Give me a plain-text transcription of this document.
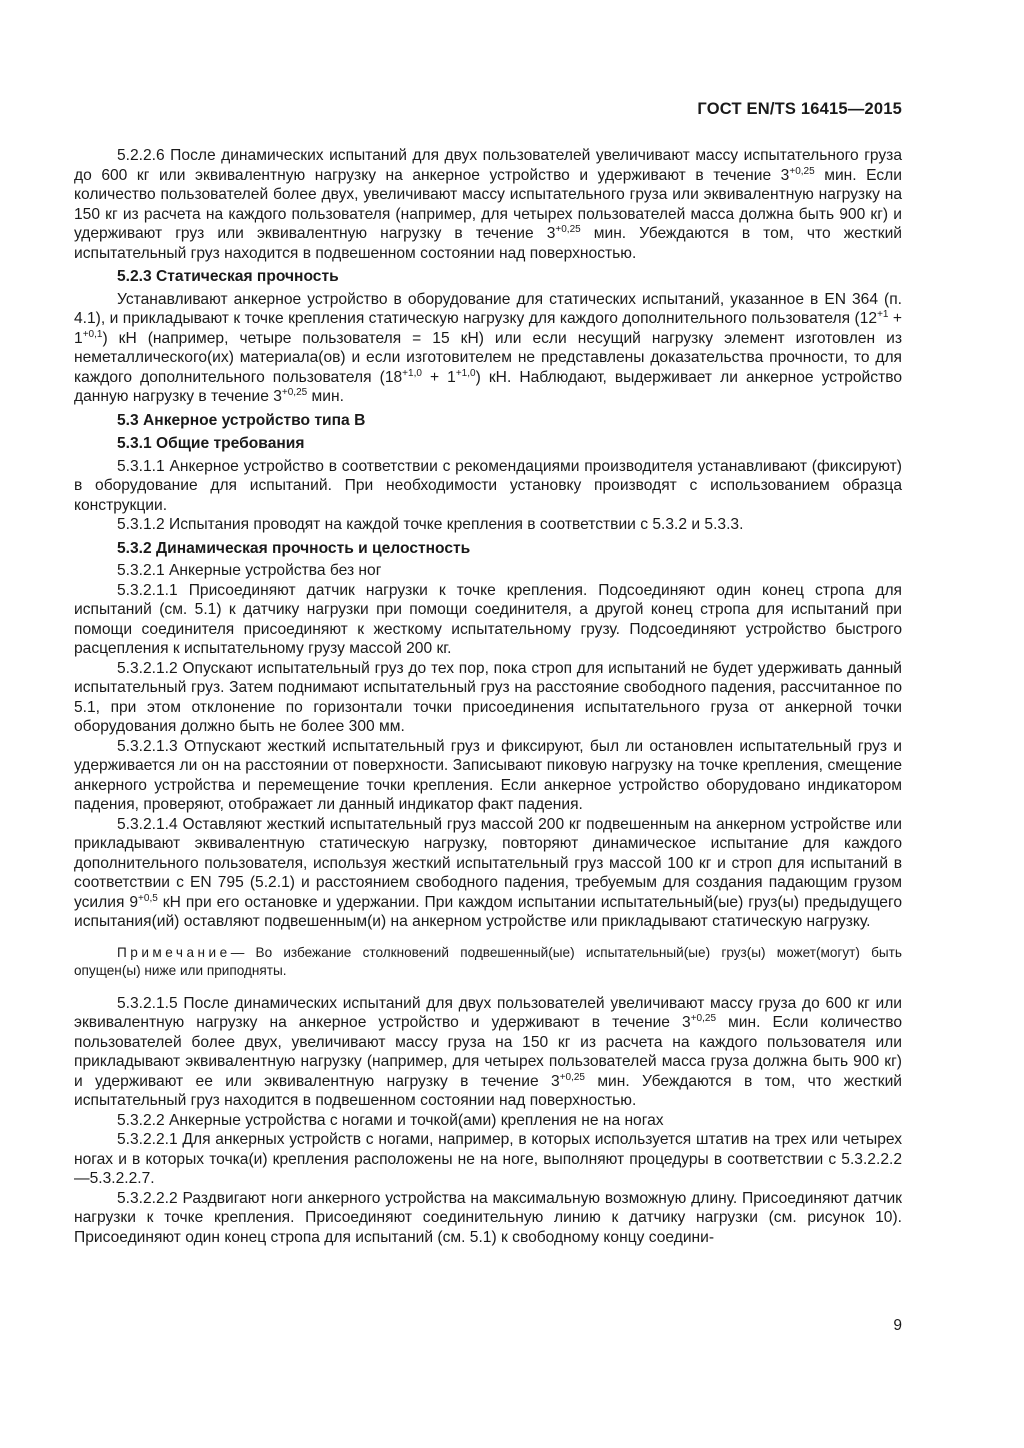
ГОСТ EN/TS 16415—2015

5.2.2.6 После динамических испытаний для двух пользователей увеличивают массу испытательного груза до 600 кг или эквивалентную нагрузку на анкерное устройство и удерживают в течение $3^{+0,25}$ мин. Если количество пользователей более двух, увеличивают массу испытательного груза или эквивалентную нагрузку на 150 кг из расчета на каждого пользователя (например, для четырех пользователей масса должна быть 900 кг) и удерживают груз или эквивалентную нагрузку в течение $3^{+0,25}$ мин. Убеждаются в том, что жесткий испытательный груз находится в подвешенном состоянии над поверхностью.

5.2.3 Статическая прочность

Устанавливают анкерное устройство в оборудование для статических испытаний, указанное в EN 364 (п. 4.1), и прикладывают к точке крепления статическую нагрузку для каждого дополнительного пользователя $(12^{+1} + 1^{+0,1})$ кН (например, четыре пользователя = 15 кН) или если несущий нагрузку элемент изготовлен из неметаллического(их) материала(ов) и если изготовителем не представлены доказательства прочности, то для каждого дополнительного пользователя $(18^{+1,0} + 1^{+1,0})$ кН. Наблюдают, выдерживает ли анкерное устройство данную нагрузку в течение $3^{+0,25}$ мин.

5.3 Анкерное устройство типа В
5.3.1 Общие требования

5.3.1.1 Анкерное устройство в соответствии с рекомендациями производителя устанавливают (фиксируют) в оборудование для испытаний. При необходимости установку производят с использованием образца конструкции.

5.3.1.2 Испытания проводят на каждой точке крепления в соответствии с 5.3.2 и 5.3.3.

5.3.2 Динамическая прочность и целостность

5.3.2.1 Анкерные устройства без ног

5.3.2.1.1 Присоединяют датчик нагрузки к точке крепления. Подсоединяют один конец стропа для испытаний (см. 5.1) к датчику нагрузки при помощи соединителя, а другой конец стропа для испытаний при помощи соединителя присоединяют к жесткому испытательному грузу. Подсоединяют устройство быстрого расцепления к испытательному грузу массой 200 кг.

5.3.2.1.2 Опускают испытательный груз до тех пор, пока строп для испытаний не будет удерживать данный испытательный груз. Затем поднимают испытательный груз на расстояние свободного падения, рассчитанное по 5.1, при этом отклонение по горизонтали точки присоединения испытательного груза от анкерной точки оборудования должно быть не более 300 мм.

5.3.2.1.3 Отпускают жесткий испытательный груз и фиксируют, был ли остановлен испытательный груз и удерживается ли он на расстоянии от поверхности. Записывают пиковую нагрузку на точке крепления, смещение анкерного устройства и перемещение точки крепления. Если анкерное устройство оборудовано индикатором падения, проверяют, отображает ли данный индикатор факт падения.

5.3.2.1.4 Оставляют жесткий испытательный груз массой 200 кг подвешенным на анкерном устройстве или прикладывают эквивалентную статическую нагрузку, повторяют динамическое испытание для каждого дополнительного пользователя, используя жесткий испытательный груз массой 100 кг и строп для испытаний в соответствии с EN 795 (5.2.1) и расстоянием свободного падения, требуемым для создания падающим грузом усилия $9^{+0,5}$ кН при его остановке и удержании. При каждом испытании испытательный(ые) груз(ы) предыдущего испытания(ий) оставляют подвешенным(и) на анкерном устройстве или прикладывают статическую нагрузку.

Примечание— Во избежание столкновений подвешенный(ые) испытательный(ые) груз(ы) может(могут) быть опущен(ы) ниже или приподняты.

5.3.2.1.5 После динамических испытаний для двух пользователей увеличивают массу груза до 600 кг или эквивалентную нагрузку на анкерное устройство и удерживают в течение $3^{+0,25}$ мин. Если количество пользователей более двух, увеличивают массу груза на 150 кг из расчета на каждого пользователя или прикладывают эквивалентную нагрузку (например, для четырех пользователей масса груза должна быть 900 кг) и удерживают ее или эквивалентную нагрузку в течение $3^{+0,25}$ мин. Убеждаются в том, что жесткий испытательный груз находится в подвешенном состоянии над поверхностью.

5.3.2.2 Анкерные устройства с ногами и точкой(ами) крепления не на ногах

5.3.2.2.1 Для анкерных устройств с ногами, например, в которых используется штатив на трех или четырех ногах и в которых точка(и) крепления расположены не на ноге, выполняют процедуры в соответствии с 5.3.2.2.2—5.3.2.2.7.

5.3.2.2.2 Раздвигают ноги анкерного устройства на максимальную возможную длину. Присоединяют датчик нагрузки к точке крепления. Присоединяют соединительную линию к датчику нагрузки (см. рисунок 10). Присоединяют один конец стропа для испытаний (см. 5.1) к свободному концу соедини-

9
